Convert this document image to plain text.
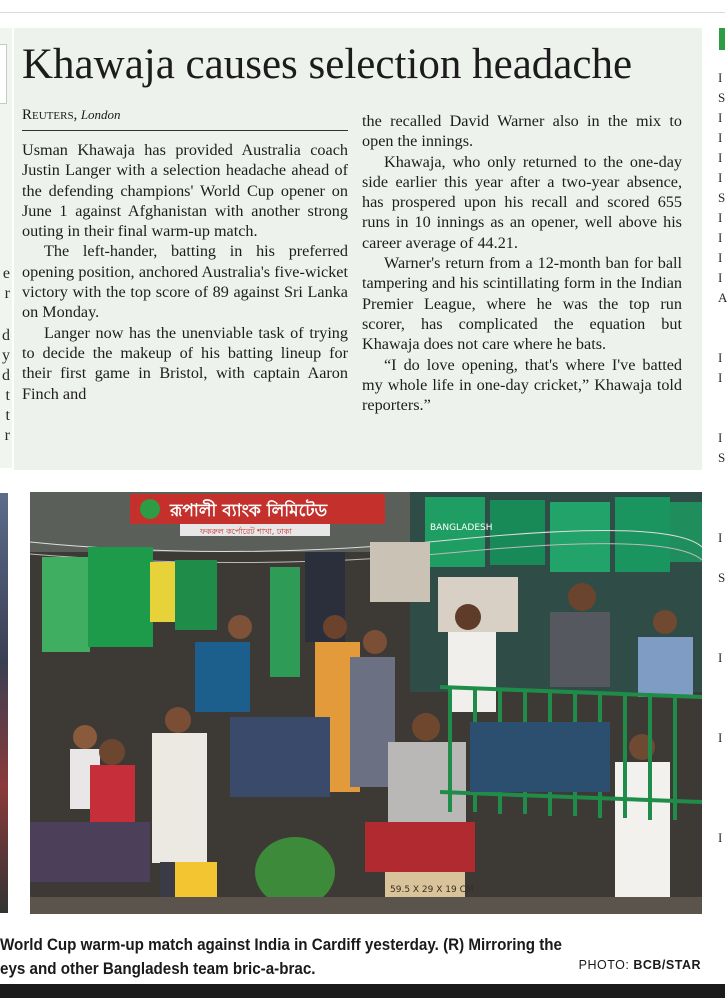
e
r
d
t
y
d
t
r
Khawaja causes selection headache
Reuters, London

Usman Khawaja has provided Australia coach Justin Langer with a selection headache ahead of the defending champions' World Cup opener on June 1 against Afghanistan with another strong outing in their final warm-up match.

The left-hander, batting in his preferred opening position, anchored Australia's five-wicket victory with the top score of 89 against Sri Lanka on Monday.

Langer now has the unenviable task of trying to decide the makeup of his batting lineup for their first game in Bristol, with captain Aaron Finch and

the recalled David Warner also in the mix to open the innings.

Khawaja, who only returned to the one-day side earlier this year after a two-year absence, has prospered upon his recall and scored 655 runs in 10 innings as an opener, well above his career average of 44.21.

Warner's return from a 12-month ban for ball tampering and his scintillating form in the Indian Premier League, where he was the top run scorer, has complicated the equation but Khawaja does not care where he bats.

“I do love opening, that's where I've batted my whole life in one-day cricket,” Khawaja told reporters.”

I
S
I
I
I
I
S
I
I
I
I
A
I
I
I
S
I
S
I
I
I
রূপালী ব্যাংক লিমিটেড
ফকরুল কর্পোরেট শাখা, ঢাকা
59.5 X 29 X 19 CM
BANGLADESH
World Cup warm-up match against India in Cardiff yesterday. (R) Mirroring the
eys and other Bangladesh team bric-a-brac.	PHOTO: BCB/STAR
